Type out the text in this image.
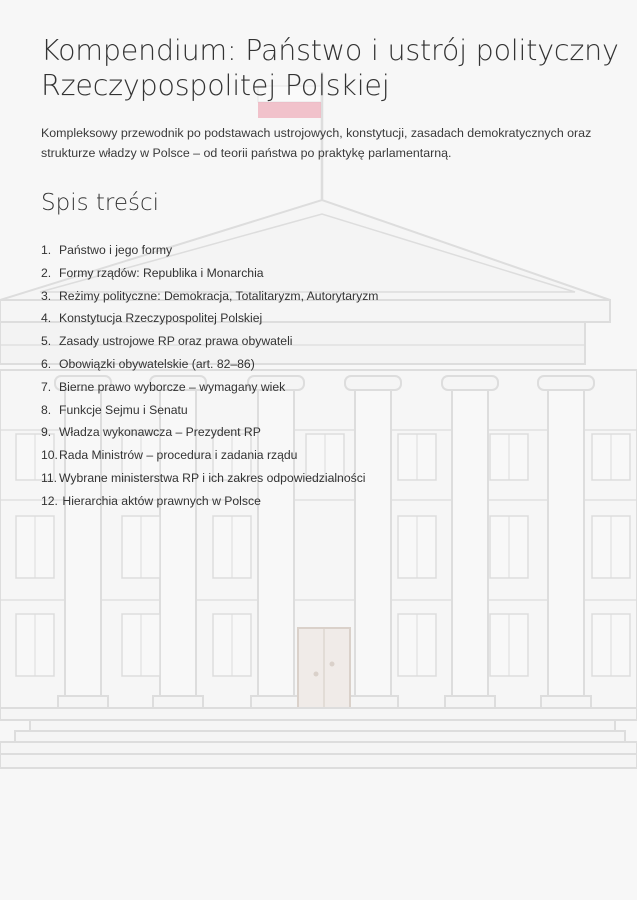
Kompendium: Państwo i ustrój polityczny
Rzeczypospolitej Polskiej

Kompleksowy przewodnik po podstawach ustrojowych, konstytucji, zasadach demokratycznych oraz
strukturze władzy w Polsce – od teorii państwa po praktykę parlamentarną.

Spis treści
1. Państwo i jego formy
2. Formy rządów: Republika i Monarchia
3. Reżimy polityczne: Demokracja, Totalitaryzm, Autorytaryzm
4. Konstytucja Rzeczypospolitej Polskiej
5. Zasady ustrojowe RP oraz prawa obywateli
6. Obowiązki obywatelskie (art. 82–86)
7. Bierne prawo wyborcze – wymagany wiek
8. Funkcje Sejmu i Senatu
9. Władza wykonawcza – Prezydent RP
10.Rada Ministrów – procedura i zadania rządu
11. Wybrane ministerstwa RP i ich zakres odpowiedzialności
12. Hierarchia aktów prawnych w Polsce
